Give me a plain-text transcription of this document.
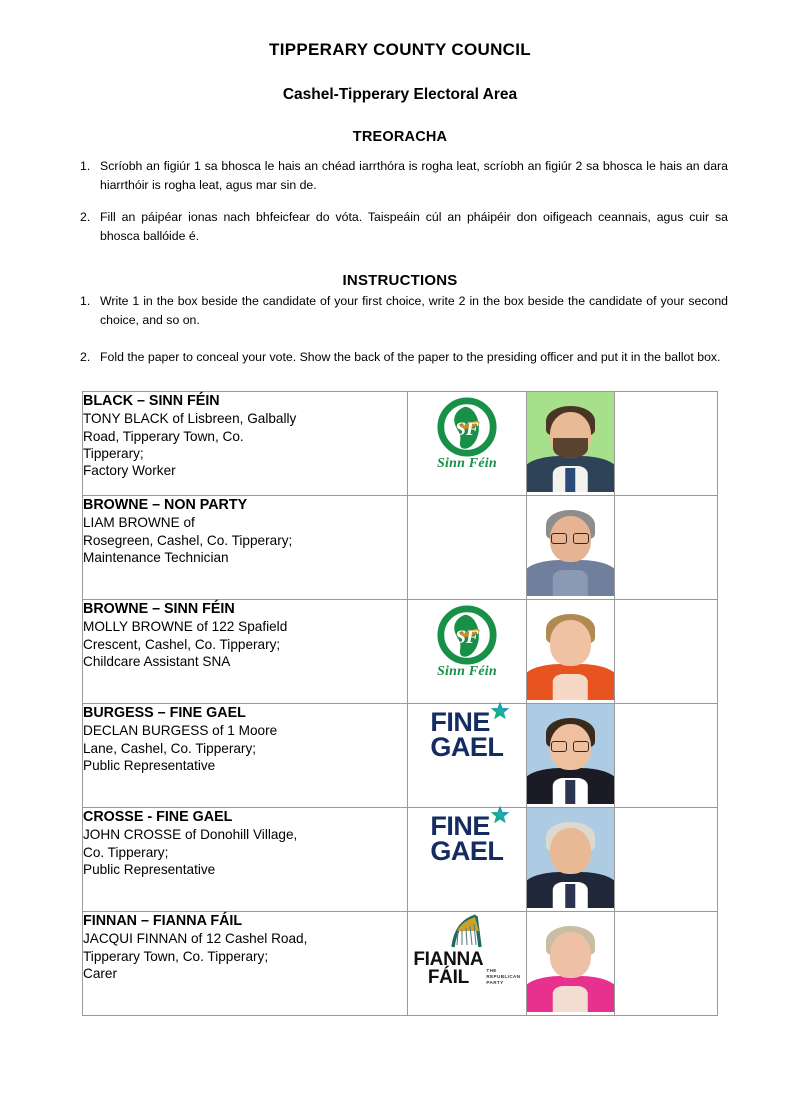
TIPPERARY COUNTY COUNCIL
Cashel-Tipperary Electoral Area
TREORACHA
1. Scríobh an figiúr 1 sa bhosca le hais an chéad iarrthóra is rogha leat, scríobh an figiúr 2 sa bhosca le hais an dara hiarrthóir is rogha leat, agus mar sin de.
2. Fill an páipéar ionas nach bhfeicfear do vóta. Taispeáin cúl an pháipéir don oifigeach ceannais, agus cuir sa bhosca ballóide é.
INSTRUCTIONS
1. Write 1 in the box beside the candidate of your first choice, write 2 in the box beside the candidate of your second choice, and so on.
2. Fold the paper to conceal your vote. Show the back of the paper to the presiding officer and put it in the ballot box.
BLACK – SINN FÉIN
TONY BLACK of Lisbreen, Galbally
Road, Tipperary Town, Co.
Tipperary;
Factory Worker

SF
Sinn Féin

BROWNE – NON PARTY
LIAM BROWNE of
Rosegreen, Cashel, Co. Tipperary;
Maintenance Technician			

BROWNE – SINN FÉIN
MOLLY BROWNE of 122 Spafield
Crescent, Cashel, Co. Tipperary;
Childcare Assistant SNA

SF
Sinn Féin

BURGESS – FINE GAEL
DECLAN BURGESS of 1 Moore
Lane, Cashel, Co. Tipperary;
Public Representative

FINE
GAEL

CROSSE - FINE GAEL
JOHN CROSSE of Donohill Village,
Co. Tipperary;
Public Representative

FINE
GAEL

FINNAN – FIANNA FÁIL
JACQUI FINNAN of 12 Cashel Road,
Tipperary Town, Co. Tipperary;
Carer

FIANNA
FÁIL	THE
REPUBLICAN
PARTY
